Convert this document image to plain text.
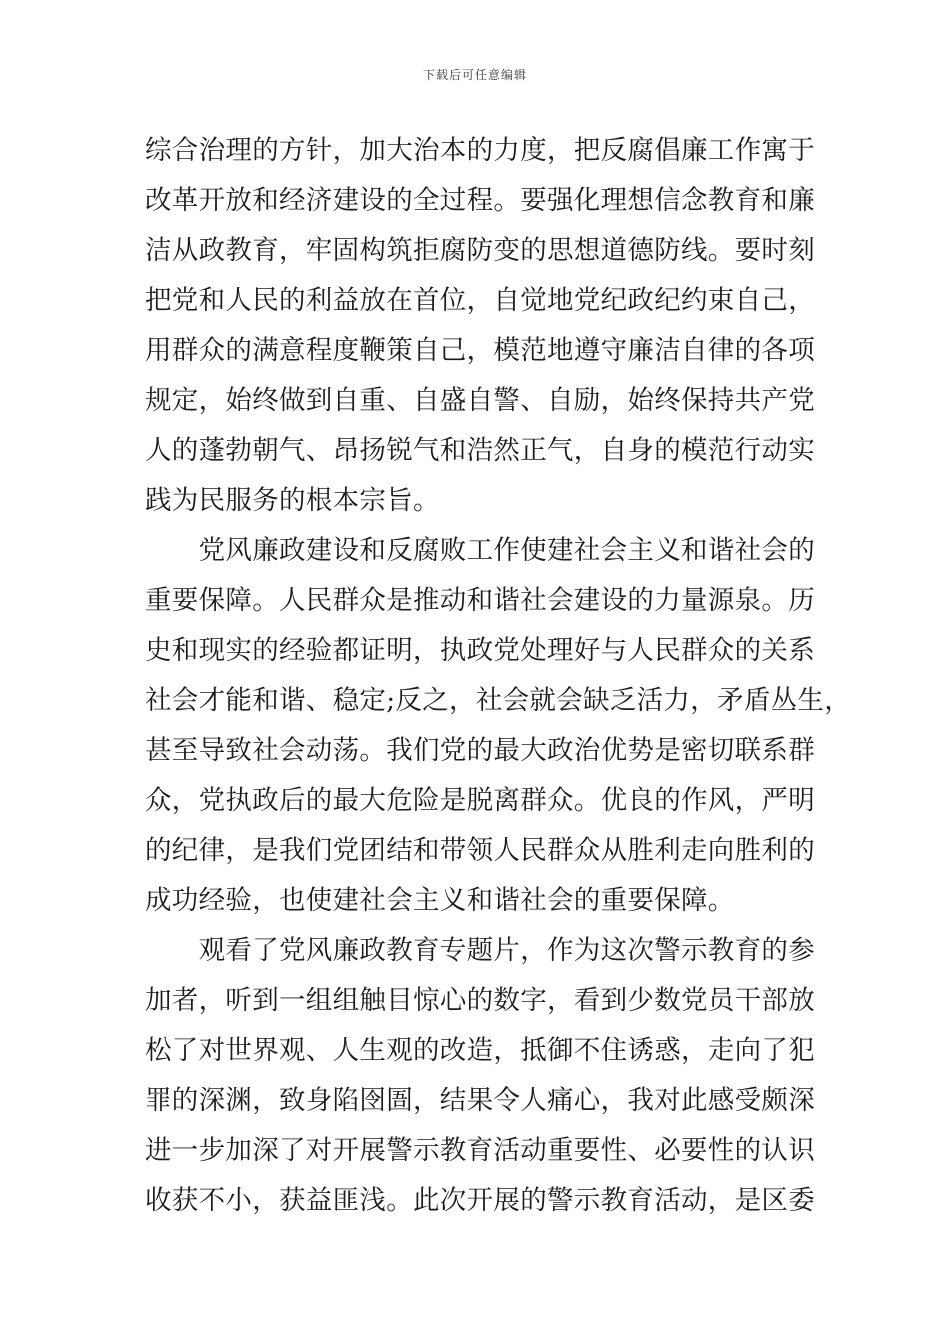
下载后可任意编辑
综合治理的方针，加大治本的力度，把反腐倡廉工作寓于
改革开放和经济建设的全过程。要强化理想信念教育和廉
洁从政教育，牢固构筑拒腐防变的思想道德防线。要时刻
把党和人民的利益放在首位，自觉地党纪政纪约束自己，
用群众的满意程度鞭策自己，模范地遵守廉洁自律的各项
规定，始终做到自重、自盛自警、自励，始终保持共产党
人的蓬勃朝气、昂扬锐气和浩然正气，自身的模范行动实
践为民服务的根本宗旨。
　　党风廉政建设和反腐败工作使建社会主义和谐社会的
重要保障。人民群众是推动和谐社会建设的力量源泉。历
史和现实的经验都证明，执政党处理好与人民群众的关系
社会才能和谐、稳定;反之，社会就会缺乏活力，矛盾丛生，
甚至导致社会动荡。我们党的最大政治优势是密切联系群
众，党执政后的最大危险是脱离群众。优良的作风，严明
的纪律，是我们党团结和带领人民群众从胜利走向胜利的
成功经验，也使建社会主义和谐社会的重要保障。
　　观看了党风廉政教育专题片，作为这次警示教育的参
加者，听到一组组触目惊心的数字，看到少数党员干部放
松了对世界观、人生观的改造，抵御不住诱惑，走向了犯
罪的深渊，致身陷囹圄，结果令人痛心，我对此感受颇深
进一步加深了对开展警示教育活动重要性、必要性的认识
收获不小，获益匪浅。此次开展的警示教育活动，是区委
